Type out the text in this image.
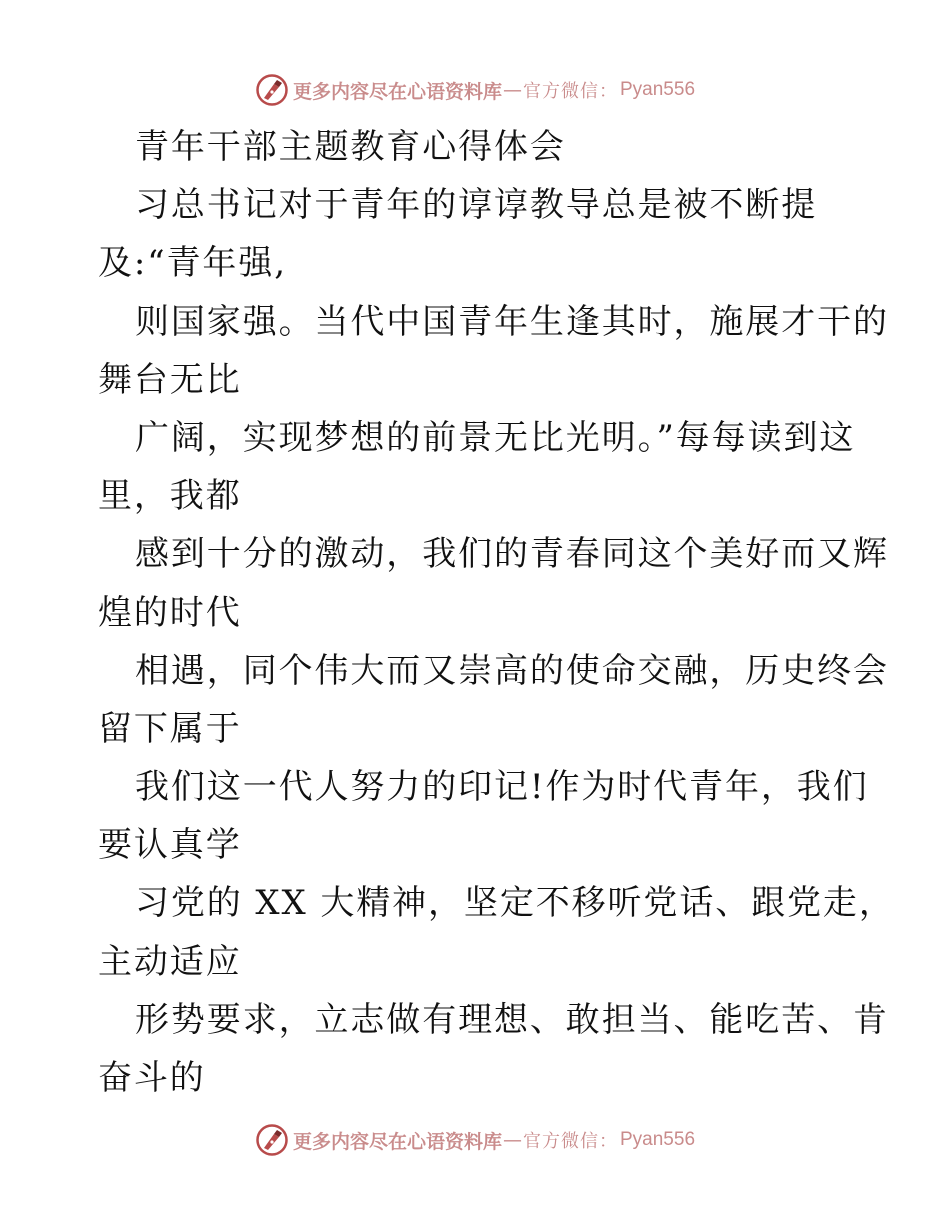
更多内容尽在心语资料库 — 官方微信： Pyan556
青年干部主题教育心得体会
习总书记对于青年的谆谆教导总是被不断提
及:“青年强,
则国家强。当代中国青年生逢其时，施展才干的
舞台无比
广阔，实现梦想的前景无比光明。”每每读到这
里，我都
感到十分的激动，我们的青春同这个美好而又辉
煌的时代
相遇，同个伟大而又崇高的使命交融，历史终会
留下属于
我们这一代人努力的印记!作为时代青年，我们
要认真学
习党的 XX 大精神，坚定不移听党话、跟党走，
主动适应
形势要求，立志做有理想、敢担当、能吃苦、肯
奋斗的
更多内容尽在心语资料库 — 官方微信： Pyan556
